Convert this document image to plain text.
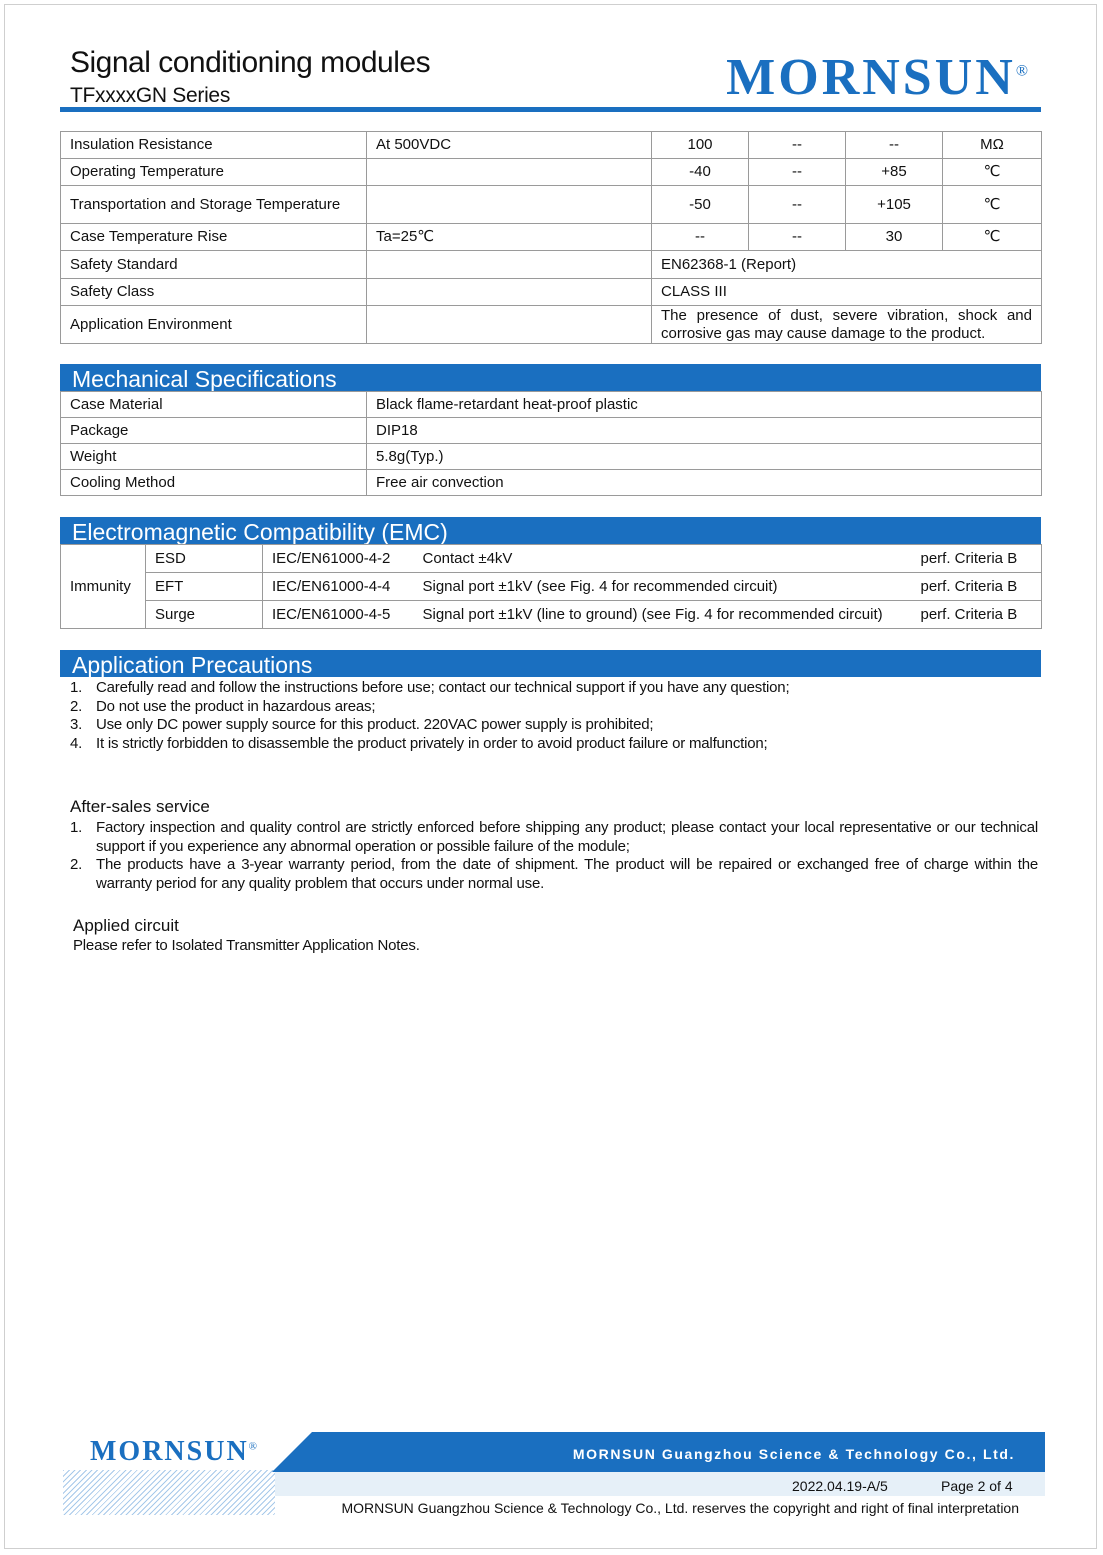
Signal conditioning modules
TFxxxxGN Series	MORNSUN®
Insulation Resistance	At 500VDC	100	--	--	MΩ
Operating Temperature		-40	--	+85	℃
Transportation and Storage Temperature		-50	--	+105	℃
Case Temperature Rise	Ta=25℃	--	--	30	℃
Safety Standard		EN62368-1 (Report)			
Safety Class		CLASS III			
Application Environment		The presence of dust, severe vibration, shock and corrosive gas may cause damage to the product.			
Mechanical Specifications
Case Material	Black flame-retardant heat-proof plastic
Package	DIP18
Weight	5.8g(Typ.)
Cooling Method	Free air convection
Electromagnetic Compatibility (EMC)
Immunity	ESD	IEC/EN61000-4-2	Contact ±4kV	perf. Criteria B
	EFT	IEC/EN61000-4-4	Signal port ±1kV (see Fig. 4 for recommended circuit)	perf. Criteria B
	Surge	IEC/EN61000-4-5	Signal port ±1kV (line to ground) (see Fig. 4 for recommended circuit)	perf. Criteria B
Application Precautions
1. Carefully read and follow the instructions before use; contact our technical support if you have any question;
2. Do not use the product in hazardous areas;
3. Use only DC power supply source for this product. 220VAC power supply is prohibited;
4. It is strictly forbidden to disassemble the product privately in order to avoid product failure or malfunction;
After-sales service
1. Factory inspection and quality control are strictly enforced before shipping any product; please contact your local representative or our technical support if you experience any abnormal operation or possible failure of the module;
2. The products have a 3-year warranty period, from the date of shipment. The product will be repaired or exchanged free of charge within the warranty period for any quality problem that occurs under normal use.
Applied circuit
Please refer to Isolated Transmitter Application Notes.
MORNSUN®	MORNSUN Guangzhou Science & Technology Co., Ltd.
2022.04.19-A/5	Page 2 of 4
MORNSUN Guangzhou Science & Technology Co., Ltd. reserves the copyright and right of final interpretation
